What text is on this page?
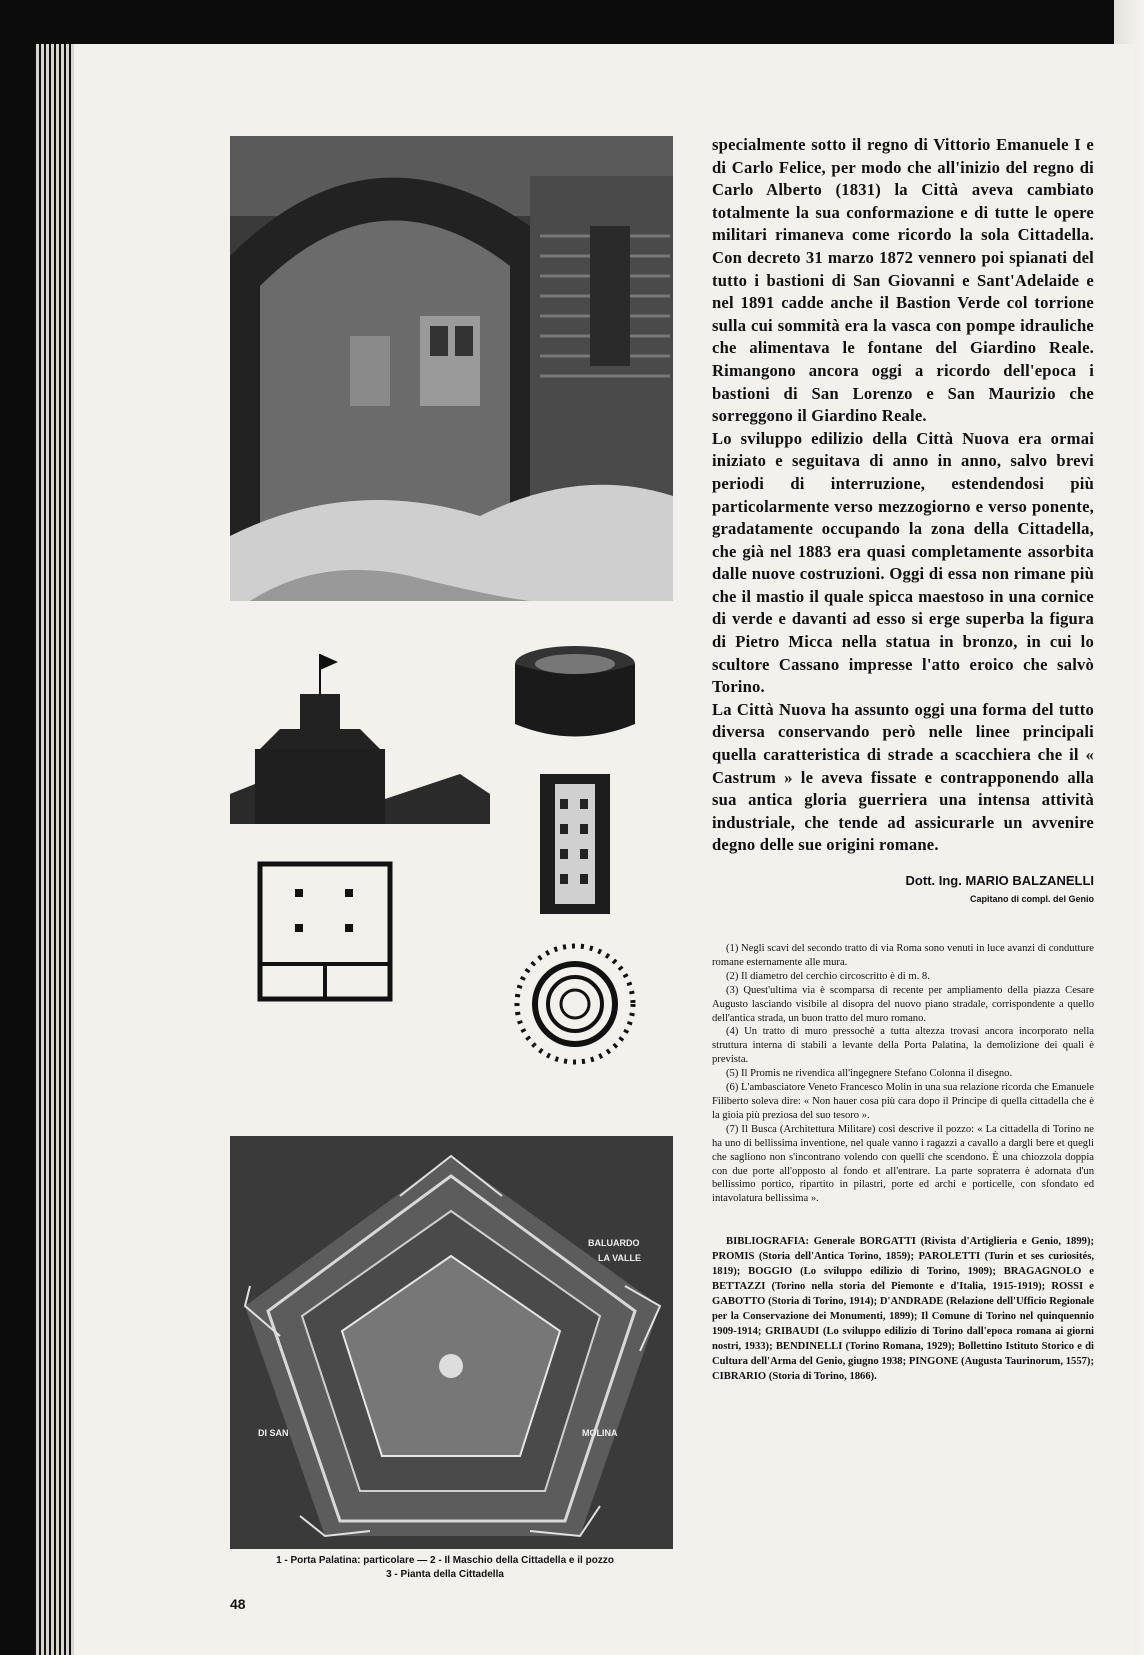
BALUARDO
LA VALLE
DI SAN	MOLINA
1 - Porta Palatina: particolare — 2 - Il Maschio della Cittadella e il pozzo
3 - Pianta della Cittadella
48

specialmente sotto il regno di Vittorio Emanuele I e di Carlo Felice, per modo che all'inizio del regno di Carlo Alberto (1831) la Città aveva cambiato totalmente la sua conformazione e di tutte le opere militari rimaneva come ricordo la sola Cittadella. Con decreto 31 marzo 1872 vennero poi spianati del tutto i bastioni di San Giovanni e Sant'Adelaide e nel 1891 cadde anche il Bastion Verde col torrione sulla cui sommità era la vasca con pompe idrauliche che alimentava le fontane del Giardino Reale. Rimangono ancora oggi a ricordo dell'epoca i bastioni di San Lorenzo e San Maurizio che sorreggono il Giardino Reale.

Lo sviluppo edilizio della Città Nuova era ormai iniziato e seguitava di anno in anno, salvo brevi periodi di interruzione, estendendosi più particolarmente verso mezzogiorno e verso ponente, gradatamente occupando la zona della Cittadella, che già nel 1883 era quasi completamente assorbita dalle nuove costruzioni. Oggi di essa non rimane più che il mastio il quale spicca maestoso in una cornice di verde e davanti ad esso si erge superba la figura di Pietro Micca nella statua in bronzo, in cui lo scultore Cassano impresse l'atto eroico che salvò Torino.

La Città Nuova ha assunto oggi una forma del tutto diversa conservando però nelle linee principali quella caratteristica di strade a scacchiera che il « Castrum » le aveva fissate e contrapponendo alla sua antica gloria guerriera una intensa attività industriale, che tende ad assicurarle un avvenire degno delle sue origini romane.

Dott. Ing. MARIO BALZANELLI
Capitano di compl. del Genio

(1) Negli scavi del secondo tratto di via Roma sono venuti in luce avanzi di condutture romane esternamente alle mura.

(2) Il diametro del cerchio circoscritto è di m. 8.

(3) Quest'ultima via è scomparsa di recente per ampliamento della piazza Cesare Augusto lasciando visibile al disopra del nuovo piano stradale, corrispondente a quello dell'antica strada, un buon tratto del muro romano.

(4) Un tratto di muro pressochè a tutta altezza trovasi ancora incorporato nella struttura interna di stabili a levante della Porta Palatina, la demolizione dei quali è prevista.

(5) Il Promis ne rivendica all'ingegnere Stefano Colonna il disegno.

(6) L'ambasciatore Veneto Francesco Molin in una sua relazione ricorda che Emanuele Filiberto soleva dire: « Non hauer cosa più cara dopo il Principe di quella cittadella che è la gioia più preziosa del suo tesoro ».

(7) Il Busca (Architettura Militare) così descrive il pozzo: « La cittadella di Torino ne ha uno di bellissima inventione, nel quale vanno i ragazzi a cavallo a dargli bere et quegli che sagliono non s'incontrano volendo con quelli che scendono. È una chiozzola doppia con due porte all'opposto al fondo et all'entrare. La parte sopraterra è adornata d'un bellissimo portico, ripartito in pilastri, porte ed archi e porticelle, con sfondato ed intavolatura bellissima ».

BIBLIOGRAFIA: Generale BORGATTI (Rivista d'Artiglieria e Genio, 1899); PROMIS (Storia dell'Antica Torino, 1859); PAROLETTI (Turin et ses curiosités, 1819); BOGGIO (Lo sviluppo edilizio di Torino, 1909); BRAGAGNOLO e BETTAZZI (Torino nella storia del Piemonte e d'Italia, 1915-1919); ROSSI e GABOTTO (Storia di Torino, 1914); D'ANDRADE (Relazione dell'Ufficio Regionale per la Conservazione dei Monumenti, 1899); Il Comune di Torino nel quinquennio 1909-1914; GRIBAUDI (Lo sviluppo edilizio di Torino dall'epoca romana ai giorni nostri, 1933); BENDINELLI (Torino Romana, 1929); Bollettino Istituto Storico e di Cultura dell'Arma del Genio, giugno 1938; PINGONE (Augusta Taurinorum, 1557); CIBRARIO (Storia di Torino, 1866).
